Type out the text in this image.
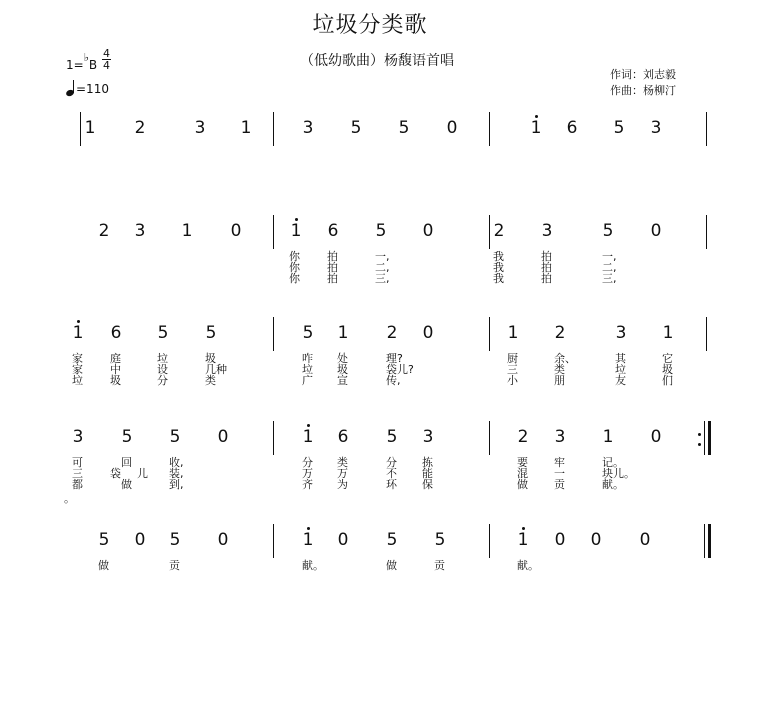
垃圾分类歌
（低幼歌曲）杨馥语首唱
作词：刘志毅
作曲：杨柳汀
1=♭B $\frac{4}{4}$
=110
1 2	3 1	3 5 5 0	1 6 5 3
2 3 1 0	1 6 5 0	2 3	5 0
你 拍	一,	我	拍	一,
你 拍	二,	我	拍	二,
你 拍	三,	我	拍	三,
1 6 5 5	5 1 2 0	1 2	3 1
家 庭	垃	圾	咋 处	理?	厨	余、	其	它
家 中	设	几种	垃 圾	袋儿?	三	类	垃	圾
垃 圾	分	类	广 宣	传,	小	朋	友	们
3 5 5 0	1 6 5 3	2 3 1 0
可	回	收,	分 类	分 拣	要 牢	记。
三 袋 儿 装,	万 万	不 能	混 一	块儿。
都	做	到,	齐 为	环 保	做 贡	献。
。
5 0 5 0	1 0 5 5	1 0 0 0
做	贡	献。	做	贡	献。
